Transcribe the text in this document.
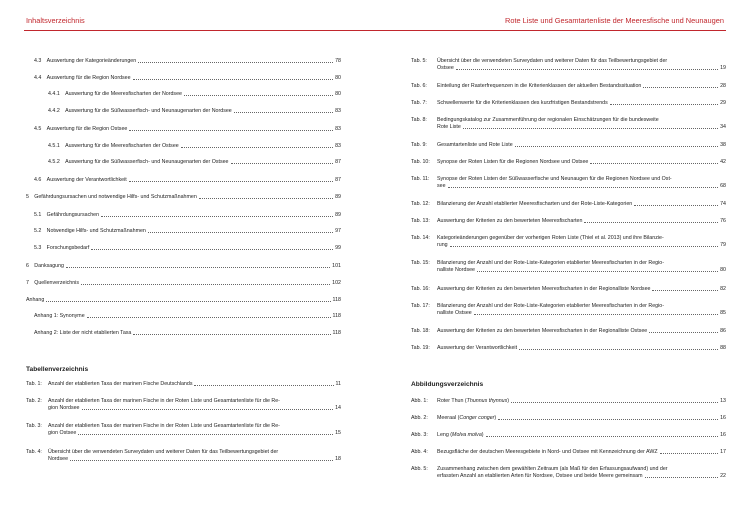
Inhaltsverzeichnis
4.3 Auswertung der Kategorieänderungen	78
4.4 Auswertung für die Region Nordsee	80
4.4.1 Auswertung für die Meeresfischarten der Nordsee	80
4.4.2 Auswertung für die Süßwasserfisch- und Neunaugenarten der Nordsee	83
4.5 Auswertung für die Region Ostsee	83
4.5.1 Auswertung für die Meeresfischarten der Ostsee	83
4.5.2 Auswertung für die Süßwasserfisch- und Neunaugenarten der Ostsee	87
4.6 Auswertung der Verantwortlichkeit	87
5 Gefährdungsursachen und notwendige Hilfs- und Schutzmaßnahmen	89
5.1 Gefährdungsursachen	89
5.2 Notwendige Hilfs- und Schutzmaßnahmen	97
5.3 Forschungsbedarf	99
6 Danksagung	101
7 Quellenverzeichnis	102
Anhang	118
Anhang 1: Synonyme	118
Anhang 2: Liste der nicht etablierten Taxa	118
Tabellenverzeichnis
Tab. 1:	Anzahl der etablierten Taxa der marinen Fische Deutschlands	11
Tab. 2:	Anzahl der etablierten Taxa der marinen Fische in der Roten Liste und Gesamtartenliste für die Re-
gion Nordsee	14
Tab. 3:	Anzahl der etablierten Taxa der marinen Fische in der Roten Liste und Gesamtartenliste für die Re-
gion Ostsee	15
Tab. 4:	Übersicht über die verwendeten Surveydaten und weiterer Daten für das Teilbewertungsgebiet der
Nordsee	18
Rote Liste und Gesamtartenliste der Meeresfische und Neunaugen
Tab. 5:	Übersicht über die verwendeten Surveydaten und weiterer Daten für das Teilbewertungsgebiet der
Ostsee	19
Tab. 6:	Einteilung der Rasterfrequenzen in die Kriterienklassen der aktuellen Bestandssituation	28
Tab. 7:	Schwellenwerte für die Kriterienklassen des kurzfristigen Bestandstrends	29
Tab. 8:	Bedingungskatalog zur Zusammenführung der regionalen Einschätzungen für die bundesweite
Rote Liste	34
Tab. 9:	Gesamtartenliste und Rote Liste	38
Tab. 10:	Synopse der Roten Listen für die Regionen Nordsee und Ostsee	42
Tab. 11:	Synopse der Roten Listen der Süßwasserfische und Neunaugen für die Regionen Nordsee und Ost-
see	68
Tab. 12:	Bilanzierung der Anzahl etablierter Meeresfischarten und der Rote-Liste-Kategorien	74
Tab. 13:	Auswertung der Kriterien zu den bewerteten Meeresfischarten	76
Tab. 14:	Kategorieänderungen gegenüber der vorherigen Roten Liste (Thiel et al. 2013) und ihre Bilanzie-
rung	79
Tab. 15:	Bilanzierung der Anzahl und der Rote-Liste-Kategorien etablierter Meeresfischarten in der Regio-
nalliste Nordsee	80
Tab. 16:	Auswertung der Kriterien zu den bewerteten Meeresfischarten in der Regionalliste Nordsee	82
Tab. 17:	Bilanzierung der Anzahl und der Rote-Liste-Kategorien etablierter Meeresfischarten in der Regio-
nalliste Ostsee	85
Tab. 18:	Auswertung der Kriterien zu den bewerteten Meeresfischarten in der Regionalliste Ostsee	86
Tab. 19:	Auswertung der Verantwortlichkeit	88
Abbildungsverzeichnis
Abb. 1:	Roter Thun (Thunnus thynnus)	13
Abb. 2:	Meeraal (Conger conger)	16
Abb. 3:	Leng (Molva molva)	16
Abb. 4:	Bezugsfläche der deutschen Meeresgebiete in Nord- und Ostsee mit Kennzeichnung der AWZ	17
Abb. 5:	Zusammenhang zwischen dem gewählten Zeitraum (als Maß für den Erfassungsaufwand) und der
erfassten Anzahl an etablierten Arten für Nordsee, Ostsee und beide Meere gemeinsam	22
